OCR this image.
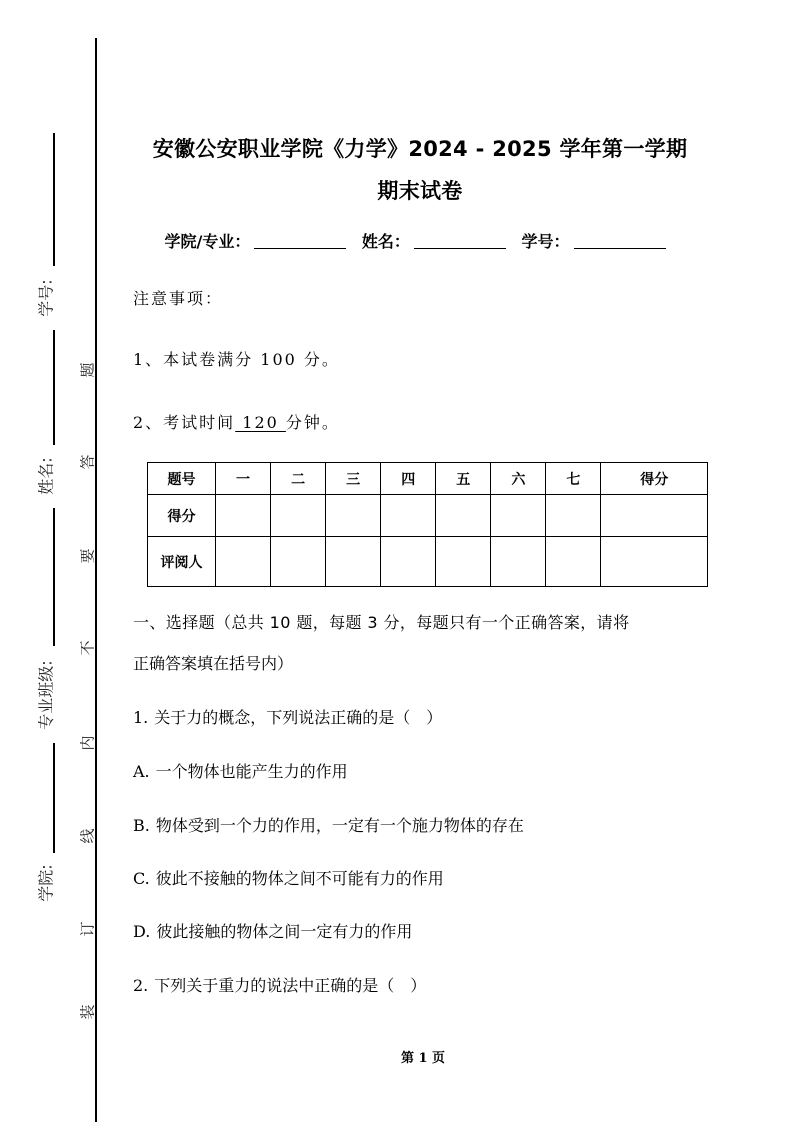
学号:
姓名:
专业班级:
学院:
题
答
要
不
内
线
订
装
安徽公安职业学院《力学》2024 - 2025 学年第一学期
期末试卷
学院/专业：	姓名：	学号：
注意事项：
1、本试卷满分 100 分。
2、考试时间 120 分钟。
题号	一	二	三	四	五	六	七	得分
得分								
评阅人								
一、选择题（总共 10 题，每题 3 分，每题只有一个正确答案，请将
正确答案填在括号内）
1. 关于力的概念，下列说法正确的是（　）
A. 一个物体也能产生力的作用
B. 物体受到一个力的作用，一定有一个施力物体的存在
C. 彼此不接触的物体之间不可能有力的作用
D. 彼此接触的物体之间一定有力的作用
2. 下列关于重力的说法中正确的是（　）
第 1 页
